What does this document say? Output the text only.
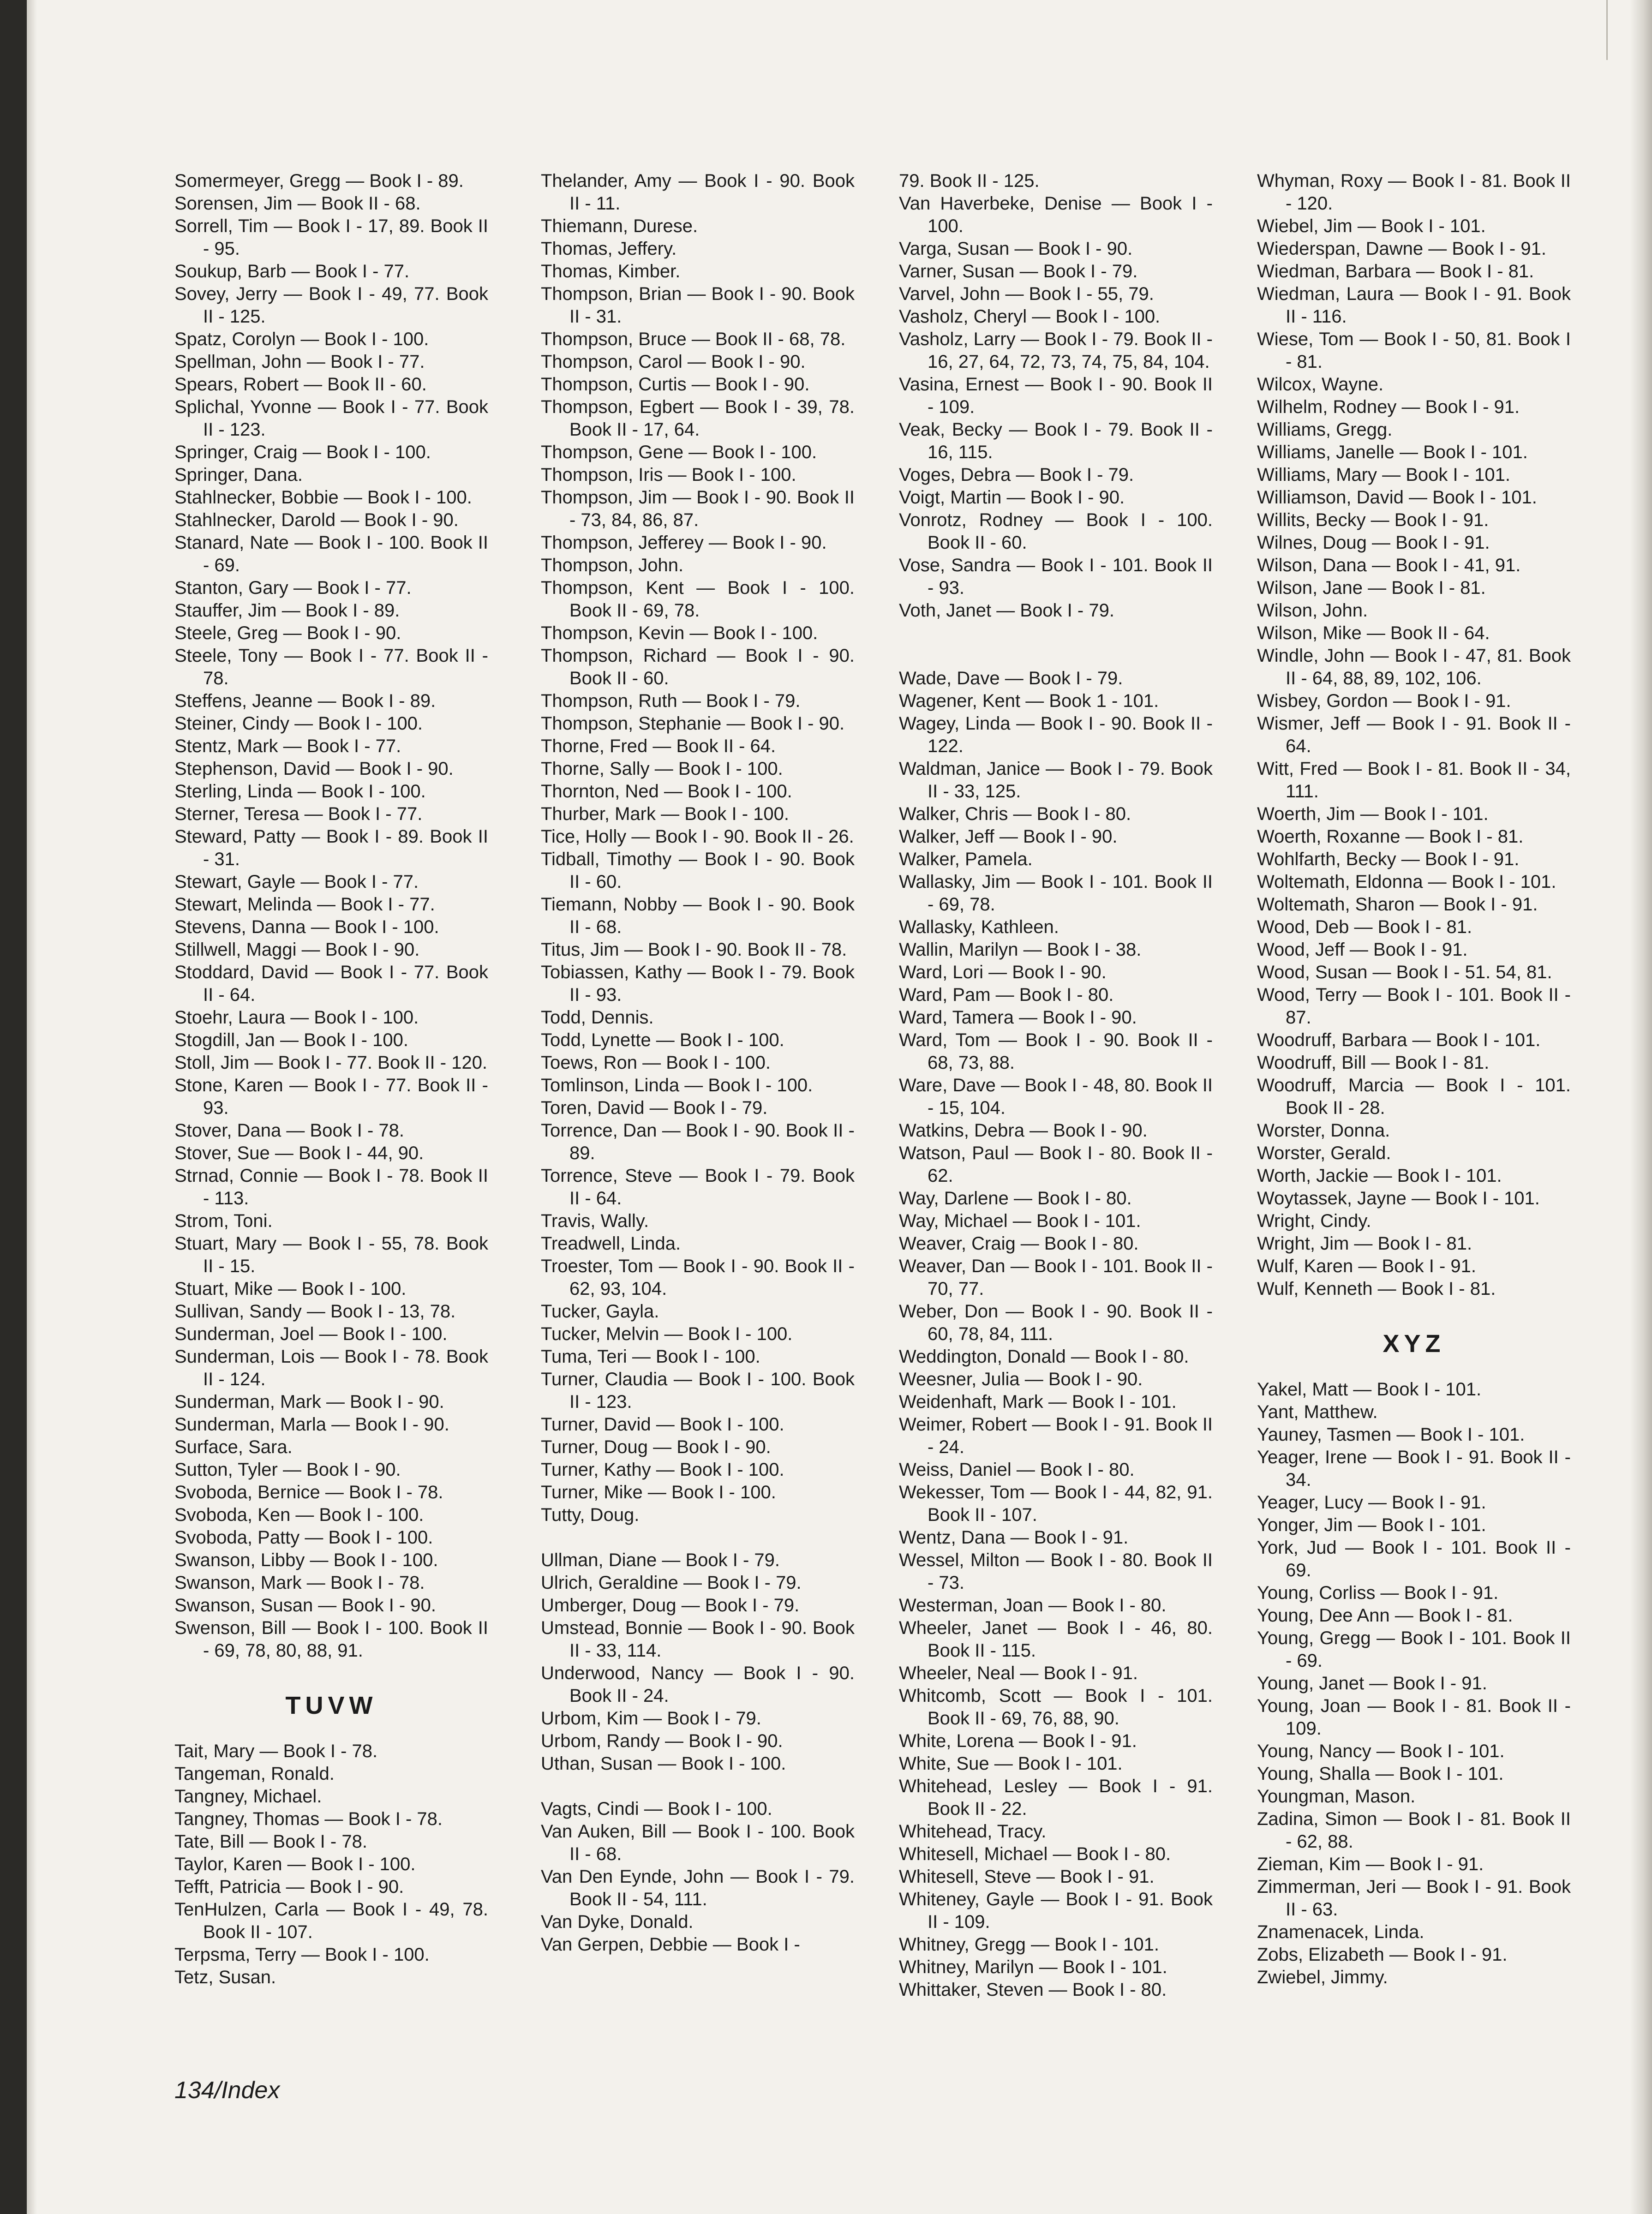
Somermeyer, Gregg — Book I - 89.
Sorensen, Jim — Book II - 68.
Sorrell, Tim — Book I - 17, 89. Book II - 95.
Soukup, Barb — Book I - 77.
Sovey, Jerry — Book I - 49, 77. Book II - 125.
Spatz, Corolyn — Book I - 100.
Spellman, John — Book I - 77.
Spears, Robert — Book II - 60.
Splichal, Yvonne — Book I - 77. Book II - 123.
Springer, Craig — Book I - 100.
Springer, Dana.
Stahlnecker, Bobbie — Book I - 100.
Stahlnecker, Darold — Book I - 90.
Stanard, Nate — Book I - 100. Book II - 69.
Stanton, Gary — Book I - 77.
Stauffer, Jim — Book I - 89.
Steele, Greg — Book I - 90.
Steele, Tony — Book I - 77. Book II - 78.
Steffens, Jeanne — Book I - 89.
Steiner, Cindy — Book I - 100.
Stentz, Mark — Book I - 77.
Stephenson, David — Book I - 90.
Sterling, Linda — Book I - 100.
Sterner, Teresa — Book I - 77.
Steward, Patty — Book I - 89. Book II - 31.
Stewart, Gayle — Book I - 77.
Stewart, Melinda — Book I - 77.
Stevens, Danna — Book I - 100.
Stillwell, Maggi — Book I - 90.
Stoddard, David — Book I - 77. Book II - 64.
Stoehr, Laura — Book I - 100.
Stogdill, Jan — Book I - 100.
Stoll, Jim — Book I - 77. Book II - 120.
Stone, Karen — Book I - 77. Book II - 93.
Stover, Dana — Book I - 78.
Stover, Sue — Book I - 44, 90.
Strnad, Connie — Book I - 78. Book II - 113.
Strom, Toni.
Stuart, Mary — Book I - 55, 78. Book II - 15.
Stuart, Mike — Book I - 100.
Sullivan, Sandy — Book I - 13, 78.
Sunderman, Joel — Book I - 100.
Sunderman, Lois — Book I - 78. Book II - 124.
Sunderman, Mark — Book I - 90.
Sunderman, Marla — Book I - 90.
Surface, Sara.
Sutton, Tyler — Book I - 90.
Svoboda, Bernice — Book I - 78.
Svoboda, Ken — Book I - 100.
Svoboda, Patty — Book I - 100.
Swanson, Libby — Book I - 100.
Swanson, Mark — Book I - 78.
Swanson, Susan — Book I - 90.
Swenson, Bill — Book I - 100. Book II - 69, 78, 80, 88, 91.
TUVW
Tait, Mary — Book I - 78.
Tangeman, Ronald.
Tangney, Michael.
Tangney, Thomas — Book I - 78.
Tate, Bill — Book I - 78.
Taylor, Karen — Book I - 100.
Tefft, Patricia — Book I - 90.
TenHulzen, Carla — Book I - 49, 78. Book II - 107.
Terpsma, Terry — Book I - 100.
Tetz, Susan.
Thelander, Amy — Book I - 90. Book II - 11.
Thiemann, Durese.
Thomas, Jeffery.
Thomas, Kimber.
Thompson, Brian — Book I - 90. Book II - 31.
Thompson, Bruce — Book II - 68, 78.
Thompson, Carol — Book I - 90.
Thompson, Curtis — Book I - 90.
Thompson, Egbert — Book I - 39, 78. Book II - 17, 64.
Thompson, Gene — Book I - 100.
Thompson, Iris — Book I - 100.
Thompson, Jim — Book I - 90. Book II - 73, 84, 86, 87.
Thompson, Jefferey — Book I - 90.
Thompson, John.
Thompson, Kent — Book I - 100. Book II - 69, 78.
Thompson, Kevin — Book I - 100.
Thompson, Richard — Book I - 90. Book II - 60.
Thompson, Ruth — Book I - 79.
Thompson, Stephanie — Book I - 90.
Thorne, Fred — Book II - 64.
Thorne, Sally — Book I - 100.
Thornton, Ned — Book I - 100.
Thurber, Mark — Book I - 100.
Tice, Holly — Book I - 90. Book II - 26.
Tidball, Timothy — Book I - 90. Book II - 60.
Tiemann, Nobby — Book I - 90. Book II - 68.
Titus, Jim — Book I - 90. Book II - 78.
Tobiassen, Kathy — Book I - 79. Book II - 93.
Todd, Dennis.
Todd, Lynette — Book I - 100.
Toews, Ron — Book I - 100.
Tomlinson, Linda — Book I - 100.
Toren, David — Book I - 79.
Torrence, Dan — Book I - 90. Book II - 89.
Torrence, Steve — Book I - 79. Book II - 64.
Travis, Wally.
Treadwell, Linda.
Troester, Tom — Book I - 90. Book II - 62, 93, 104.
Tucker, Gayla.
Tucker, Melvin — Book I - 100.
Tuma, Teri — Book I - 100.
Turner, Claudia — Book I - 100. Book II - 123.
Turner, David — Book I - 100.
Turner, Doug — Book I - 90.
Turner, Kathy — Book I - 100.
Turner, Mike — Book I - 100.
Tutty, Doug.
Ullman, Diane — Book I - 79.
Ulrich, Geraldine — Book I - 79.
Umberger, Doug — Book I - 79.
Umstead, Bonnie — Book I - 90. Book II - 33, 114.
Underwood, Nancy — Book I - 90. Book II - 24.
Urbom, Kim — Book I - 79.
Urbom, Randy — Book I - 90.
Uthan, Susan — Book I - 100.
Vagts, Cindi — Book I - 100.
Van Auken, Bill — Book I - 100. Book II - 68.
Van Den Eynde, John — Book I - 79. Book II - 54, 111.
Van Dyke, Donald.
Van Gerpen, Debbie — Book I -
79. Book II - 125.
Van Haverbeke, Denise — Book I - 100.
Varga, Susan — Book I - 90.
Varner, Susan — Book I - 79.
Varvel, John — Book I - 55, 79.
Vasholz, Cheryl — Book I - 100.
Vasholz, Larry — Book I - 79. Book II - 16, 27, 64, 72, 73, 74, 75, 84, 104.
Vasina, Ernest — Book I - 90. Book II - 109.
Veak, Becky — Book I - 79. Book II - 16, 115.
Voges, Debra — Book I - 79.
Voigt, Martin — Book I - 90.
Vonrotz, Rodney — Book I - 100. Book II - 60.
Vose, Sandra — Book I - 101. Book II - 93.
Voth, Janet — Book I - 79.
Wade, Dave — Book I - 79.
Wagener, Kent — Book 1 - 101.
Wagey, Linda — Book I - 90. Book II - 122.
Waldman, Janice — Book I - 79. Book II - 33, 125.
Walker, Chris — Book I - 80.
Walker, Jeff — Book I - 90.
Walker, Pamela.
Wallasky, Jim — Book I - 101. Book II - 69, 78.
Wallasky, Kathleen.
Wallin, Marilyn — Book I - 38.
Ward, Lori — Book I - 90.
Ward, Pam — Book I - 80.
Ward, Tamera — Book I - 90.
Ward, Tom — Book I - 90. Book II - 68, 73, 88.
Ware, Dave — Book I - 48, 80. Book II - 15, 104.
Watkins, Debra — Book I - 90.
Watson, Paul — Book I - 80. Book II - 62.
Way, Darlene — Book I - 80.
Way, Michael — Book I - 101.
Weaver, Craig — Book I - 80.
Weaver, Dan — Book I - 101. Book II - 70, 77.
Weber, Don — Book I - 90. Book II - 60, 78, 84, 111.
Weddington, Donald — Book I - 80.
Weesner, Julia — Book I - 90.
Weidenhaft, Mark — Book I - 101.
Weimer, Robert — Book I - 91. Book II - 24.
Weiss, Daniel — Book I - 80.
Wekesser, Tom — Book I - 44, 82, 91. Book II - 107.
Wentz, Dana — Book I - 91.
Wessel, Milton — Book I - 80. Book II - 73.
Westerman, Joan — Book I - 80.
Wheeler, Janet — Book I - 46, 80. Book II - 115.
Wheeler, Neal — Book I - 91.
Whitcomb, Scott — Book I - 101. Book II - 69, 76, 88, 90.
White, Lorena — Book I - 91.
White, Sue — Book I - 101.
Whitehead, Lesley — Book I - 91. Book II - 22.
Whitehead, Tracy.
Whitesell, Michael — Book I - 80.
Whitesell, Steve — Book I - 91.
Whiteney, Gayle — Book I - 91. Book II - 109.
Whitney, Gregg — Book I - 101.
Whitney, Marilyn — Book I - 101.
Whittaker, Steven — Book I - 80.
Whyman, Roxy — Book I - 81. Book II - 120.
Wiebel, Jim — Book I - 101.
Wiederspan, Dawne — Book I - 91.
Wiedman, Barbara — Book I - 81.
Wiedman, Laura — Book I - 91. Book II - 116.
Wiese, Tom — Book I - 50, 81. Book I - 81.
Wilcox, Wayne.
Wilhelm, Rodney — Book I - 91.
Williams, Gregg.
Williams, Janelle — Book I - 101.
Williams, Mary — Book I - 101.
Williamson, David — Book I - 101.
Willits, Becky — Book I - 91.
Wilnes, Doug — Book I - 91.
Wilson, Dana — Book I - 41, 91.
Wilson, Jane — Book I - 81.
Wilson, John.
Wilson, Mike — Book II - 64.
Windle, John — Book I - 47, 81. Book II - 64, 88, 89, 102, 106.
Wisbey, Gordon — Book I - 91.
Wismer, Jeff — Book I - 91. Book II - 64.
Witt, Fred — Book I - 81. Book II - 34, 111.
Woerth, Jim — Book I - 101.
Woerth, Roxanne — Book I - 81.
Wohlfarth, Becky — Book I - 91.
Woltemath, Eldonna — Book I - 101.
Woltemath, Sharon — Book I - 91.
Wood, Deb — Book I - 81.
Wood, Jeff — Book I - 91.
Wood, Susan — Book I - 51. 54, 81.
Wood, Terry — Book I - 101. Book II - 87.
Woodruff, Barbara — Book I - 101.
Woodruff, Bill — Book I - 81.
Woodruff, Marcia — Book I - 101. Book II - 28.
Worster, Donna.
Worster, Gerald.
Worth, Jackie — Book I - 101.
Woytassek, Jayne — Book I - 101.
Wright, Cindy.
Wright, Jim — Book I - 81.
Wulf, Karen — Book I - 91.
Wulf, Kenneth — Book I - 81.
XYZ
Yakel, Matt — Book I - 101.
Yant, Matthew.
Yauney, Tasmen — Book I - 101.
Yeager, Irene — Book I - 91. Book II - 34.
Yeager, Lucy — Book I - 91.
Yonger, Jim — Book I - 101.
York, Jud — Book I - 101. Book II - 69.
Young, Corliss — Book I - 91.
Young, Dee Ann — Book I - 81.
Young, Gregg — Book I - 101. Book II - 69.
Young, Janet — Book I - 91.
Young, Joan — Book I - 81. Book II - 109.
Young, Nancy — Book I - 101.
Young, Shalla — Book I - 101.
Youngman, Mason.
Zadina, Simon — Book I - 81. Book II - 62, 88.
Zieman, Kim — Book I - 91.
Zimmerman, Jeri — Book I - 91. Book II - 63.
Znamenacek, Linda.
Zobs, Elizabeth — Book I - 91.
Zwiebel, Jimmy.
134/Index
